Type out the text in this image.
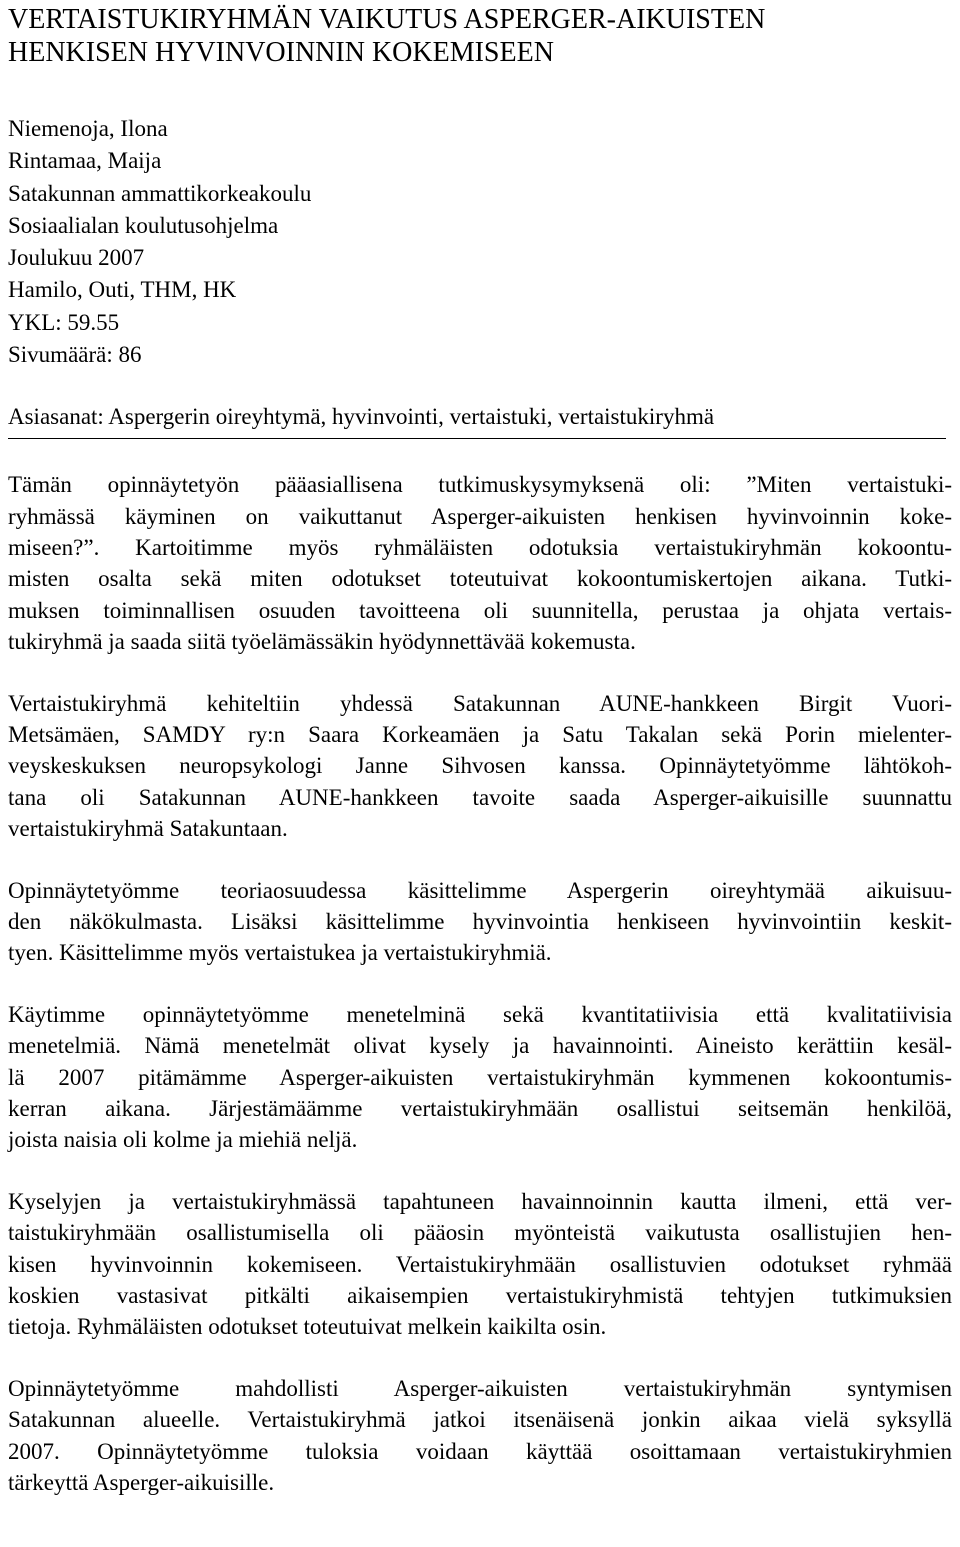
VERTAISTUKIRYHMÄN VAIKUTUS ASPERGER-AIKUISTEN
HENKISEN HYVINVOINNIN KOKEMISEEN
Niemenoja, Ilona
Rintamaa, Maija
Satakunnan ammattikorkeakoulu
Sosiaalialan koulutusohjelma
Joulukuu 2007
Hamilo, Outi, THM, HK
YKL: 59.55
Sivumäärä: 86
Asiasanat: Aspergerin oireyhtymä, hyvinvointi, vertaistuki, vertaistukiryhmä

Tämän opinnäytetyön pääasiallisena tutkimuskysymyksenä oli: ”Miten vertaistuki-
ryhmässä käyminen on vaikuttanut Asperger-aikuisten henkisen hyvinvoinnin koke-
miseen?”. Kartoitimme myös ryhmäläisten odotuksia vertaistukiryhmän kokoontu-
misten osalta sekä miten odotukset toteutuivat kokoontumiskertojen aikana. Tutki-
muksen toiminnallisen osuuden tavoitteena oli suunnitella, perustaa ja ohjata vertais-
tukiryhmä ja saada siitä työelämässäkin hyödynnettävää kokemusta.

Vertaistukiryhmä kehiteltiin yhdessä Satakunnan AUNE-hankkeen Birgit Vuori-
Metsämäen, SAMDY ry:n Saara Korkeamäen ja Satu Takalan sekä Porin mielenter-
veyskeskuksen neuropsykologi Janne Sihvosen kanssa. Opinnäytetyömme lähtökoh-
tana oli Satakunnan AUNE-hankkeen tavoite saada Asperger-aikuisille suunnattu
vertaistukiryhmä Satakuntaan.

Opinnäytetyömme teoriaosuudessa käsittelimme Aspergerin oireyhtymää aikuisuu-
den näkökulmasta. Lisäksi käsittelimme hyvinvointia henkiseen hyvinvointiin keskit-
tyen. Käsittelimme myös vertaistukea ja vertaistukiryhmiä.

Käytimme opinnäytetyömme menetelminä sekä kvantitatiivisia että kvalitatiivisia
menetelmiä. Nämä menetelmät olivat kysely ja havainnointi. Aineisto kerättiin kesäl-
lä 2007 pitämämme Asperger-aikuisten vertaistukiryhmän kymmenen kokoontumis-
kerran aikana. Järjestämäämme vertaistukiryhmään osallistui seitsemän henkilöä,
joista naisia oli kolme ja miehiä neljä.

Kyselyjen ja vertaistukiryhmässä tapahtuneen havainnoinnin kautta ilmeni, että ver-
taistukiryhmään osallistumisella oli pääosin myönteistä vaikutusta osallistujien hen-
kisen hyvinvoinnin kokemiseen. Vertaistukiryhmään osallistuvien odotukset ryhmää
koskien vastasivat pitkälti aikaisempien vertaistukiryhmistä tehtyjen tutkimuksien
tietoja. Ryhmäläisten odotukset toteutuivat melkein kaikilta osin.

Opinnäytetyömme mahdollisti Asperger-aikuisten vertaistukiryhmän syntymisen
Satakunnan alueelle. Vertaistukiryhmä jatkoi itsenäisenä jonkin aikaa vielä syksyllä
2007. Opinnäytetyömme tuloksia voidaan käyttää osoittamaan vertaistukiryhmien
tärkeyttä Asperger-aikuisille.
